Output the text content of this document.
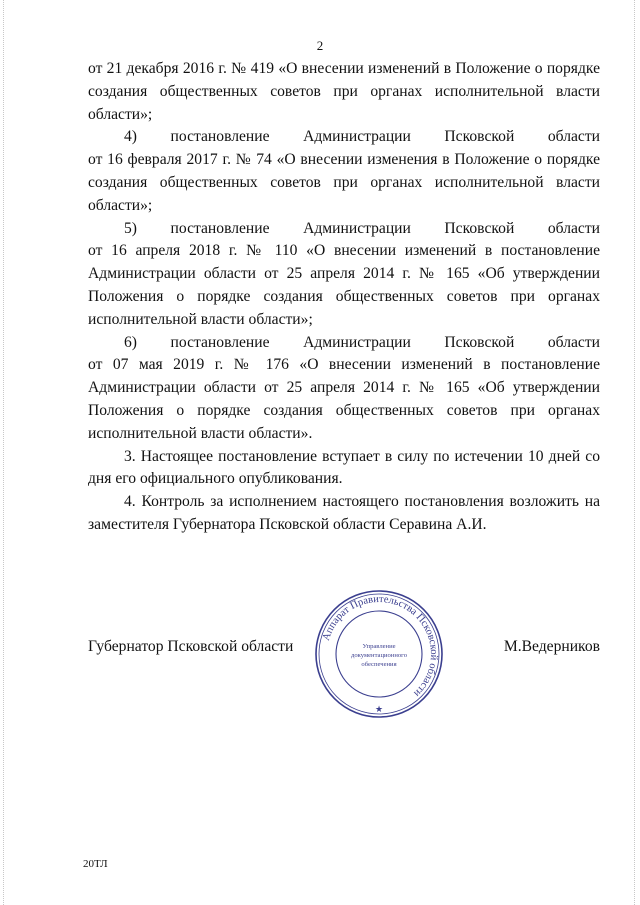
2

от 21 декабря 2016 г. № 419 «О внесении изменений в Положение о порядке создания общественных советов при органах исполнительной власти области»;

4) постановление Администрации Псковской области

от 16 февраля 2017 г. № 74 «О внесении изменения в Положение о порядке создания общественных советов при органах исполнительной власти области»;

5) постановление Администрации Псковской области

от 16 апреля 2018 г. № 110 «О внесении изменений в постановление Администрации области от 25 апреля 2014 г. № 165 «Об утверждении Положения о порядке создания общественных советов при органах исполнительной власти области»;

6) постановление Администрации Псковской области

от 07 мая 2019 г. № 176 «О внесении изменений в постановление Администрации области от 25 апреля 2014 г. № 165 «Об утверждении Положения о порядке создания общественных советов при органах исполнительной власти области».

3. Настоящее постановление вступает в силу по истечении 10 дней со дня его официального опубликования.

4. Контроль за исполнением настоящего постановления возложить на заместителя Губернатора Псковской области Серавина А.И.

Губернатор Псковской области	М.Ведерников
Аппарат Правительства Псковской области
Управление
документационного
обеспечения
★
20ТЛ
